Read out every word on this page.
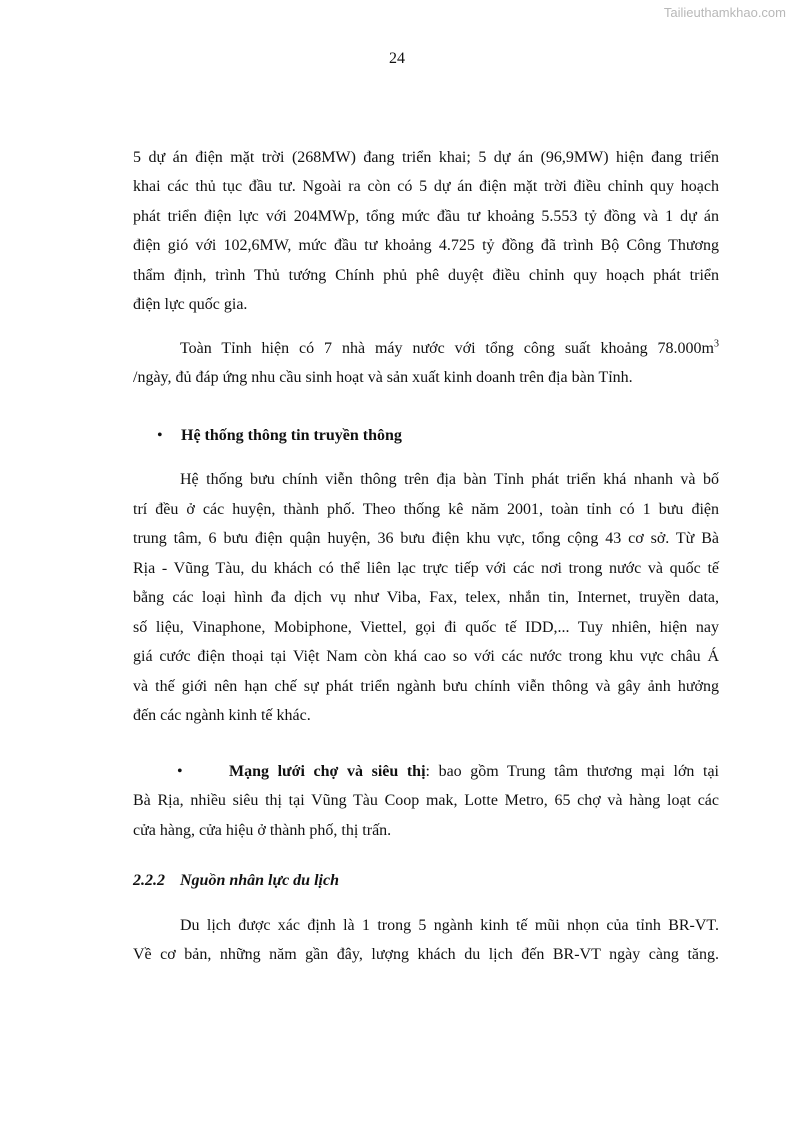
Tailieuthamkhao.com
24
5 dự án điện mặt trời (268MW) đang triển khai; 5 dự án (96,9MW) hiện đang triển
khai các thủ tục đầu tư. Ngoài ra còn có 5 dự án điện mặt trời điều chỉnh quy hoạch
phát triển điện lực với 204MWp, tổng mức đầu tư khoảng 5.553 tỷ đồng và 1 dự án
điện gió với 102,6MW, mức đầu tư khoảng 4.725 tỷ đồng đã trình Bộ Công Thương
thẩm định, trình Thủ tướng Chính phủ phê duyệt điều chỉnh quy hoạch phát triển
điện lực quốc gia.
Toàn Tỉnh hiện có 7 nhà máy nước với tổng công suất khoảng $78.000m^3$
/ngày, đủ đáp ứng nhu cầu sinh hoạt và sản xuất kinh doanh trên địa bàn Tỉnh.
• Hệ thống thông tin truyền thông
Hệ thống bưu chính viễn thông trên địa bàn Tỉnh phát triển khá nhanh và bố
trí đều ở các huyện, thành phố. Theo thống kê năm 2001, toàn tỉnh có 1 bưu điện
trung tâm, 6 bưu điện quận huyện, 36 bưu điện khu vực, tổng cộng 43 cơ sở. Từ Bà
Rịa - Vũng Tàu, du khách có thể liên lạc trực tiếp với các nơi trong nước và quốc tế
bằng các loại hình đa dịch vụ như Viba, Fax, telex, nhắn tin, Internet, truyền data,
số liệu, Vinaphone, Mobiphone, Viettel, gọi đi quốc tế IDD,... Tuy nhiên, hiện nay
giá cước điện thoại tại Việt Nam còn khá cao so với các nước trong khu vực châu Á
và thế giới nên hạn chế sự phát triển ngành bưu chính viễn thông và gây ảnh hưởng
đến các ngành kinh tế khác.
•	Mạng lưới chợ và siêu thị: bao gồm Trung tâm thương mại lớn tại
Bà Rịa, nhiều siêu thị tại Vũng Tàu Coop mak, Lotte Metro, 65 chợ và hàng loạt các
cửa hàng, cửa hiệu ở thành phố, thị trấn.
2.2.2 Nguồn nhân lực du lịch
Du lịch được xác định là 1 trong 5 ngành kinh tế mũi nhọn của tỉnh BR-VT.
Về cơ bản, những năm gần đây, lượng khách du lịch đến BR-VT ngày càng tăng.
